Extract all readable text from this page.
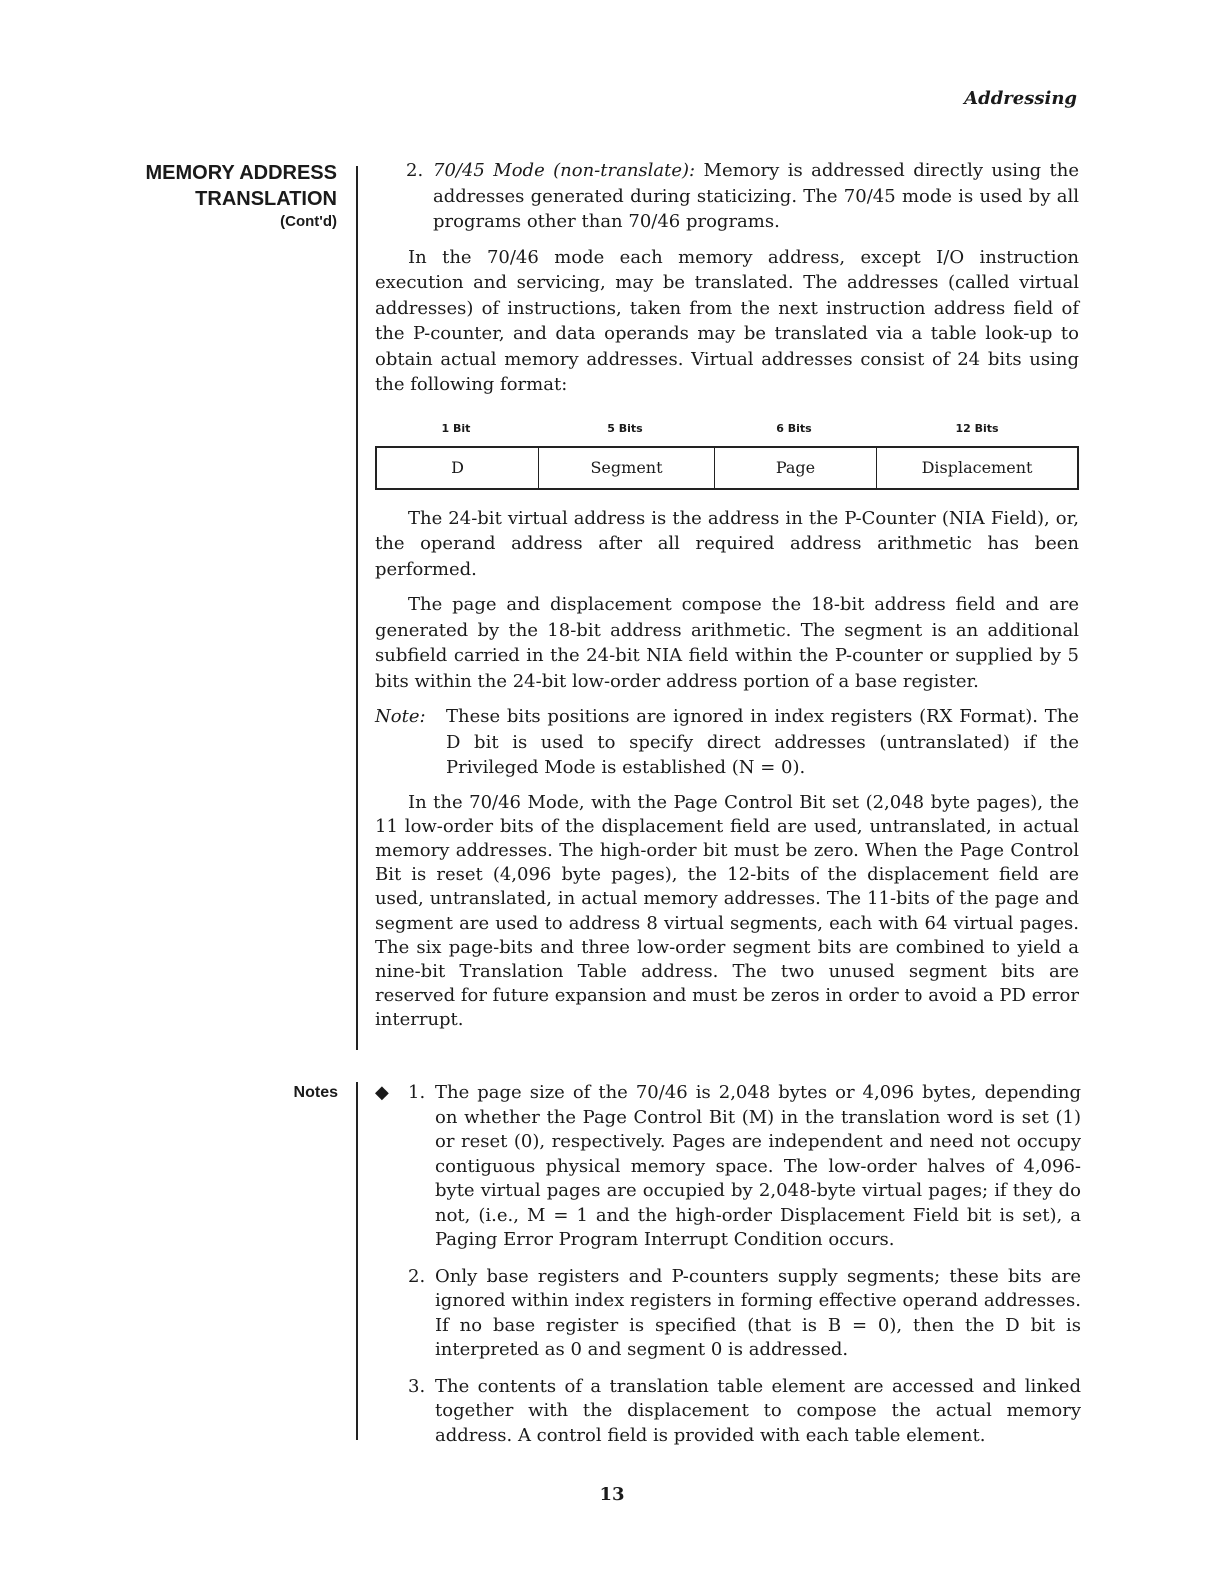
Addressing
MEMORY ADDRESS
TRANSLATION
(Cont'd)
2. 70/45 Mode (non-translate): Memory is addressed directly using the addresses generated during staticizing. The 70/45 mode is used by all programs other than 70/46 programs.

In the 70/46 mode each memory address, except I/O instruction execution and servicing, may be translated. The addresses (called virtual addresses) of instructions, taken from the next instruction address field of the P-counter, and data operands may be translated via a table look-up to obtain actual memory addresses. Virtual addresses consist of 24 bits using the following format:

1 Bit	5 Bits	6 Bits	12 Bits
D	Segment	Page	Displacement

The 24-bit virtual address is the address in the P-Counter (NIA Field), or, the operand address after all required address arithmetic has been performed.

The page and displacement compose the 18-bit address field and are generated by the 18-bit address arithmetic. The segment is an additional subfield carried in the 24-bit NIA field within the P-counter or supplied by 5 bits within the 24-bit low-order address portion of a base register.

Note: These bits positions are ignored in index registers (RX Format). The D bit is used to specify direct addresses (untranslated) if the Privileged Mode is established (N = 0).

In the 70/46 Mode, with the Page Control Bit set (2,048 byte pages), the 11 low-order bits of the displacement field are used, untranslated, in actual memory addresses. The high-order bit must be zero. When the Page Control Bit is reset (4,096 byte pages), the 12-bits of the displacement field are used, untranslated, in actual memory addresses. The 11-bits of the page and segment are used to address 8 virtual segments, each with 64 virtual pages. The six page-bits and three low-order segment bits are combined to yield a nine-bit Translation Table address. The two unused segment bits are reserved for future expansion and must be zeros in order to avoid a PD error interrupt.

Notes ◆ 1. The page size of the 70/46 is 2,048 bytes or 4,096 bytes, depending on whether the Page Control Bit (M) in the translation word is set (1) or reset (0), respectively. Pages are independent and need not occupy contiguous physical memory space. The low-order halves of 4,096-byte virtual pages are occupied by 2,048-byte virtual pages; if they do not, (i.e., M = 1 and the high-order Displacement Field bit is set), a Paging Error Program Interrupt Condition occurs.
2. Only base registers and P-counters supply segments; these bits are ignored within index registers in forming effective operand addresses. If no base register is specified (that is B = 0), then the D bit is interpreted as 0 and segment 0 is addressed.
3. The contents of a translation table element are accessed and linked together with the displacement to compose the actual memory address. A control field is provided with each table element.
13
